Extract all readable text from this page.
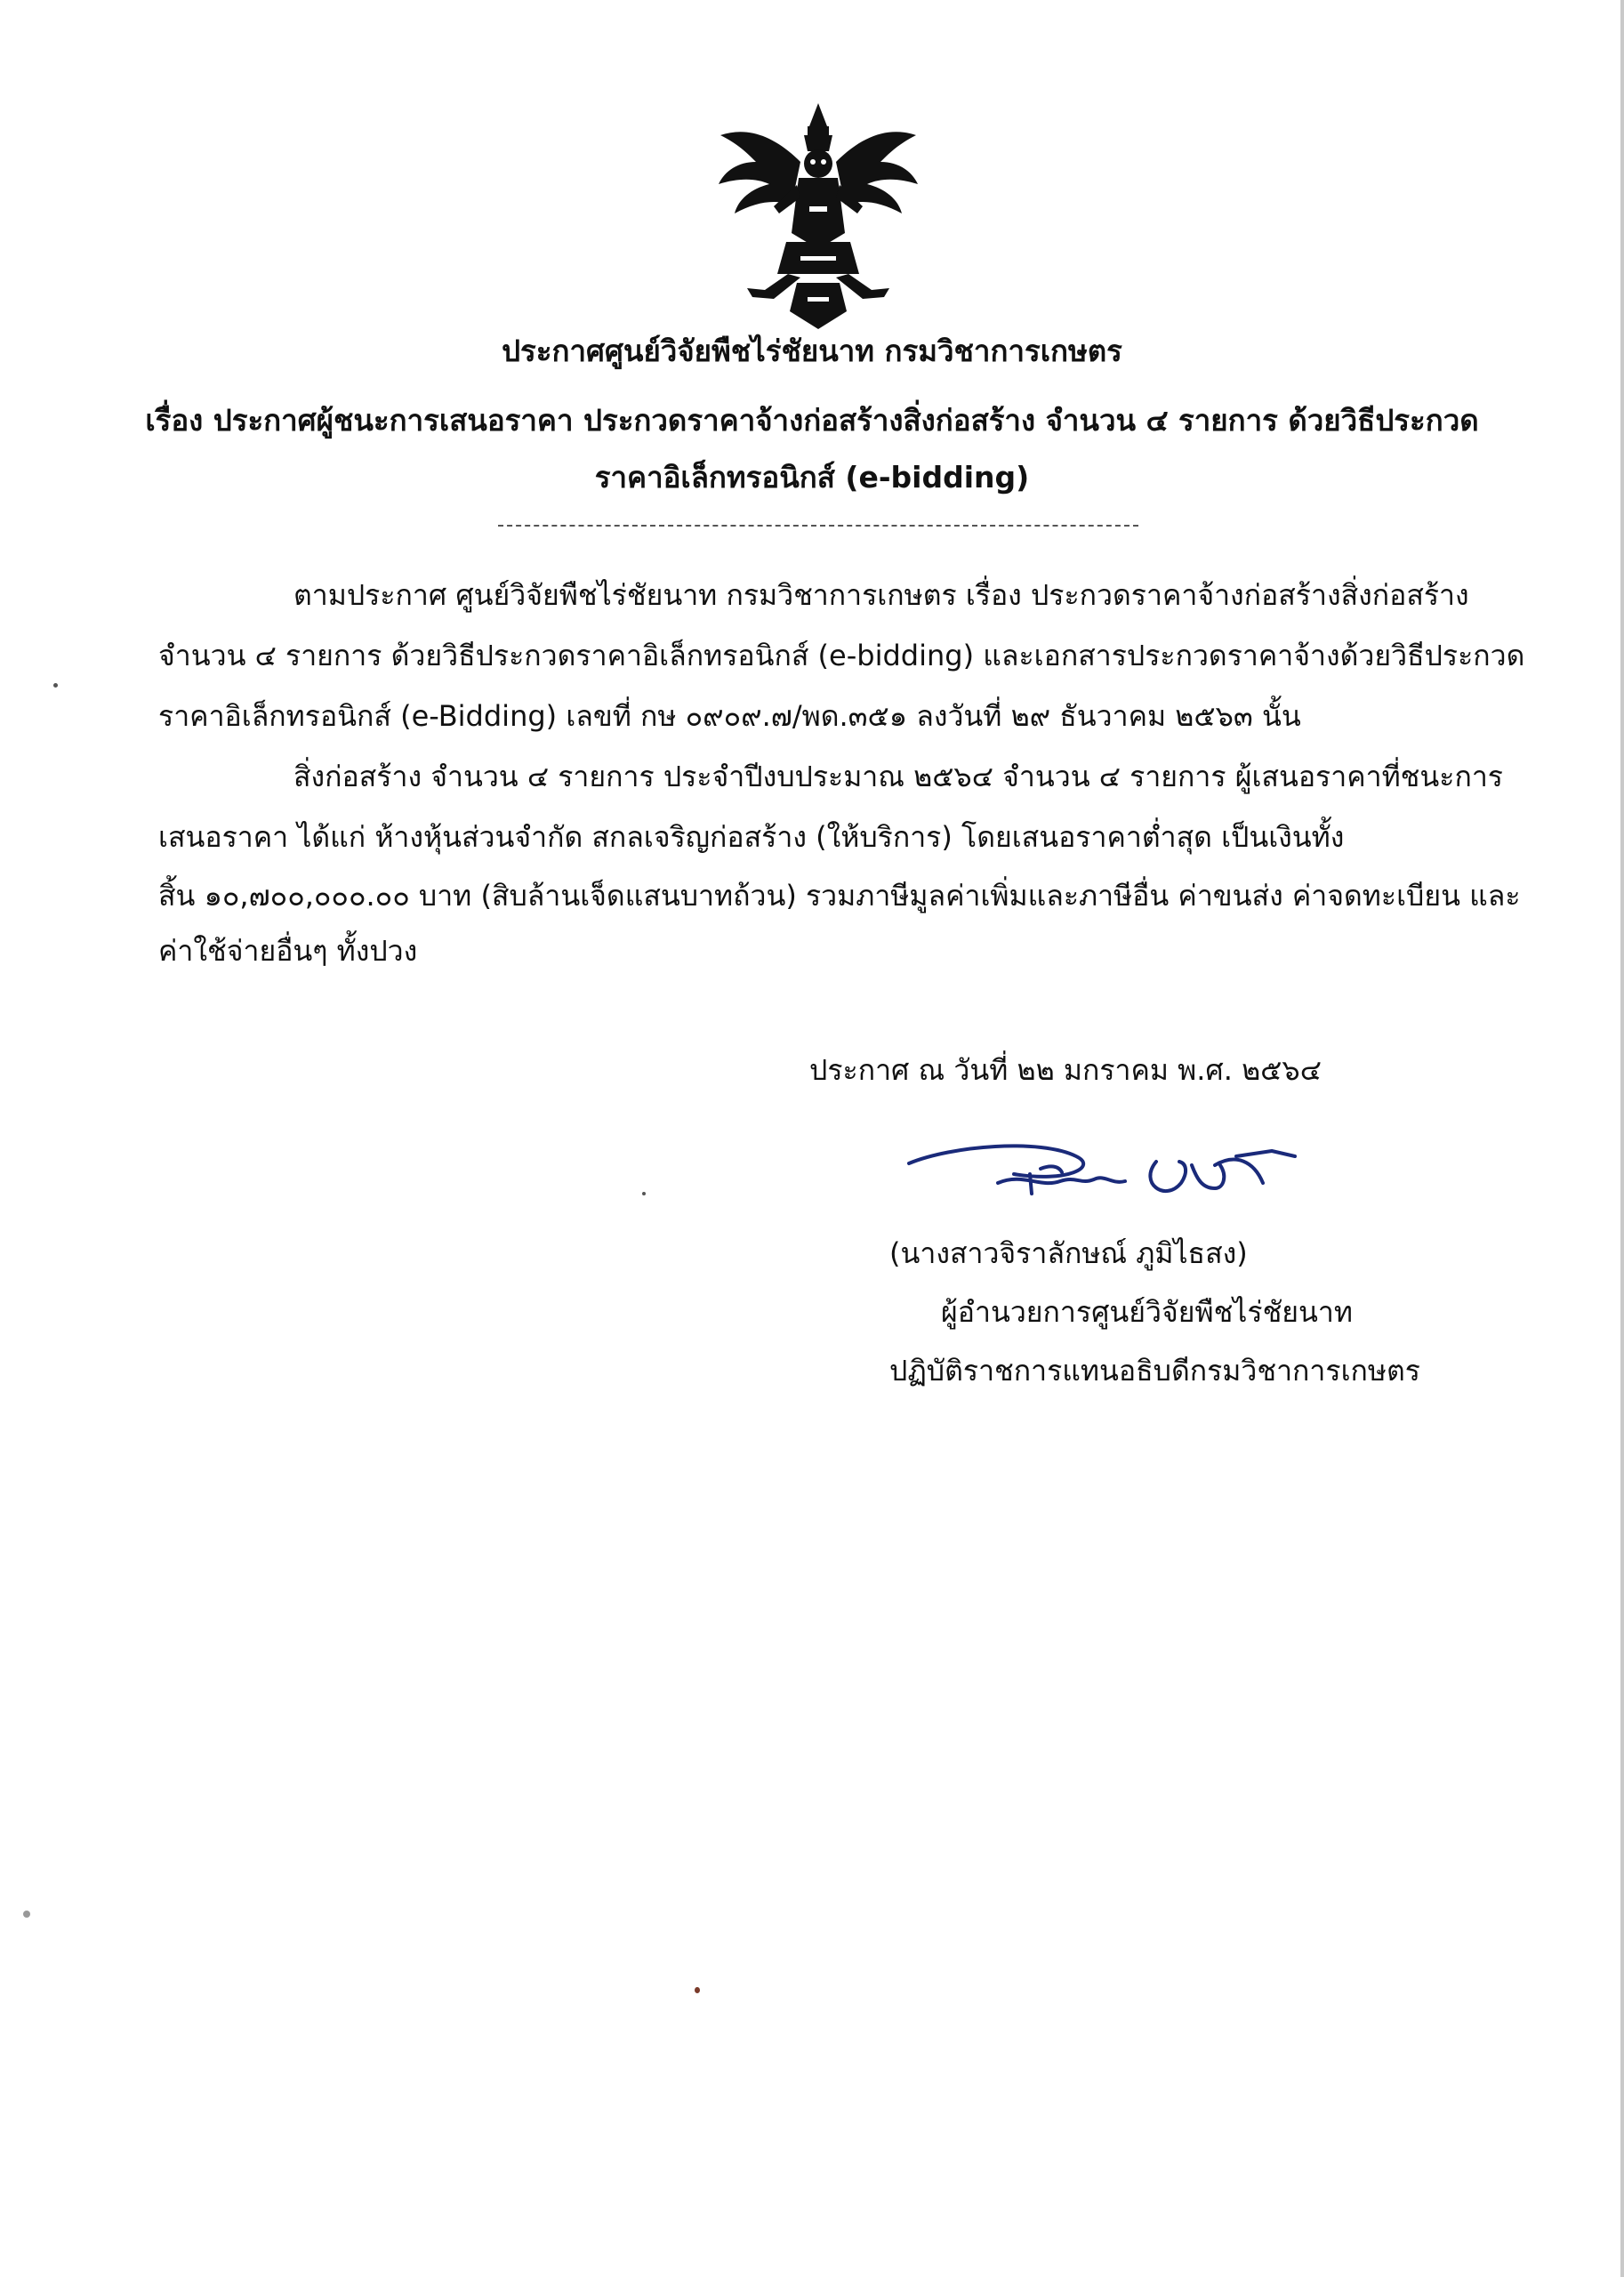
ประกาศศูนย์วิจัยพืชไร่ชัยนาท กรมวิชาการเกษตร
เรื่อง ประกาศผู้ชนะการเสนอราคา ประกวดราคาจ้างก่อสร้างสิ่งก่อสร้าง จำนวน ๔ รายการ ด้วยวิธีประกวด
ราคาอิเล็กทรอนิกส์ (e-bidding)
ตามประกาศ ศูนย์วิจัยพืชไร่ชัยนาท กรมวิชาการเกษตร เรื่อง ประกวดราคาจ้างก่อสร้างสิ่งก่อสร้าง
จำนวน ๔ รายการ ด้วยวิธีประกวดราคาอิเล็กทรอนิกส์ (e-bidding) และเอกสารประกวดราคาจ้างด้วยวิธีประกวด
ราคาอิเล็กทรอนิกส์ (e-Bidding) เลขที่ กษ ๐๙๐๙.๗/พด.๓๕๑ ลงวันที่ ๒๙ ธันวาคม ๒๕๖๓ นั้น
สิ่งก่อสร้าง จำนวน ๔ รายการ ประจำปีงบประมาณ ๒๕๖๔ จำนวน ๔ รายการ ผู้เสนอราคาที่ชนะการ
เสนอราคา ได้แก่ ห้างหุ้นส่วนจำกัด สกลเจริญก่อสร้าง (ให้บริการ) โดยเสนอราคาต่ำสุด เป็นเงินทั้ง
สิ้น ๑๐,๗๐๐,๐๐๐.๐๐ บาท (สิบล้านเจ็ดแสนบาทถ้วน) รวมภาษีมูลค่าเพิ่มและภาษีอื่น ค่าขนส่ง ค่าจดทะเบียน และ
ค่าใช้จ่ายอื่นๆ ทั้งปวง
ประกาศ ณ วันที่ ๒๒ มกราคม พ.ศ. ๒๕๖๔
(นางสาวจิราลักษณ์ ภูมิไธสง)
ผู้อำนวยการศูนย์วิจัยพืชไร่ชัยนาท
ปฏิบัติราชการแทนอธิบดีกรมวิชาการเกษตร
